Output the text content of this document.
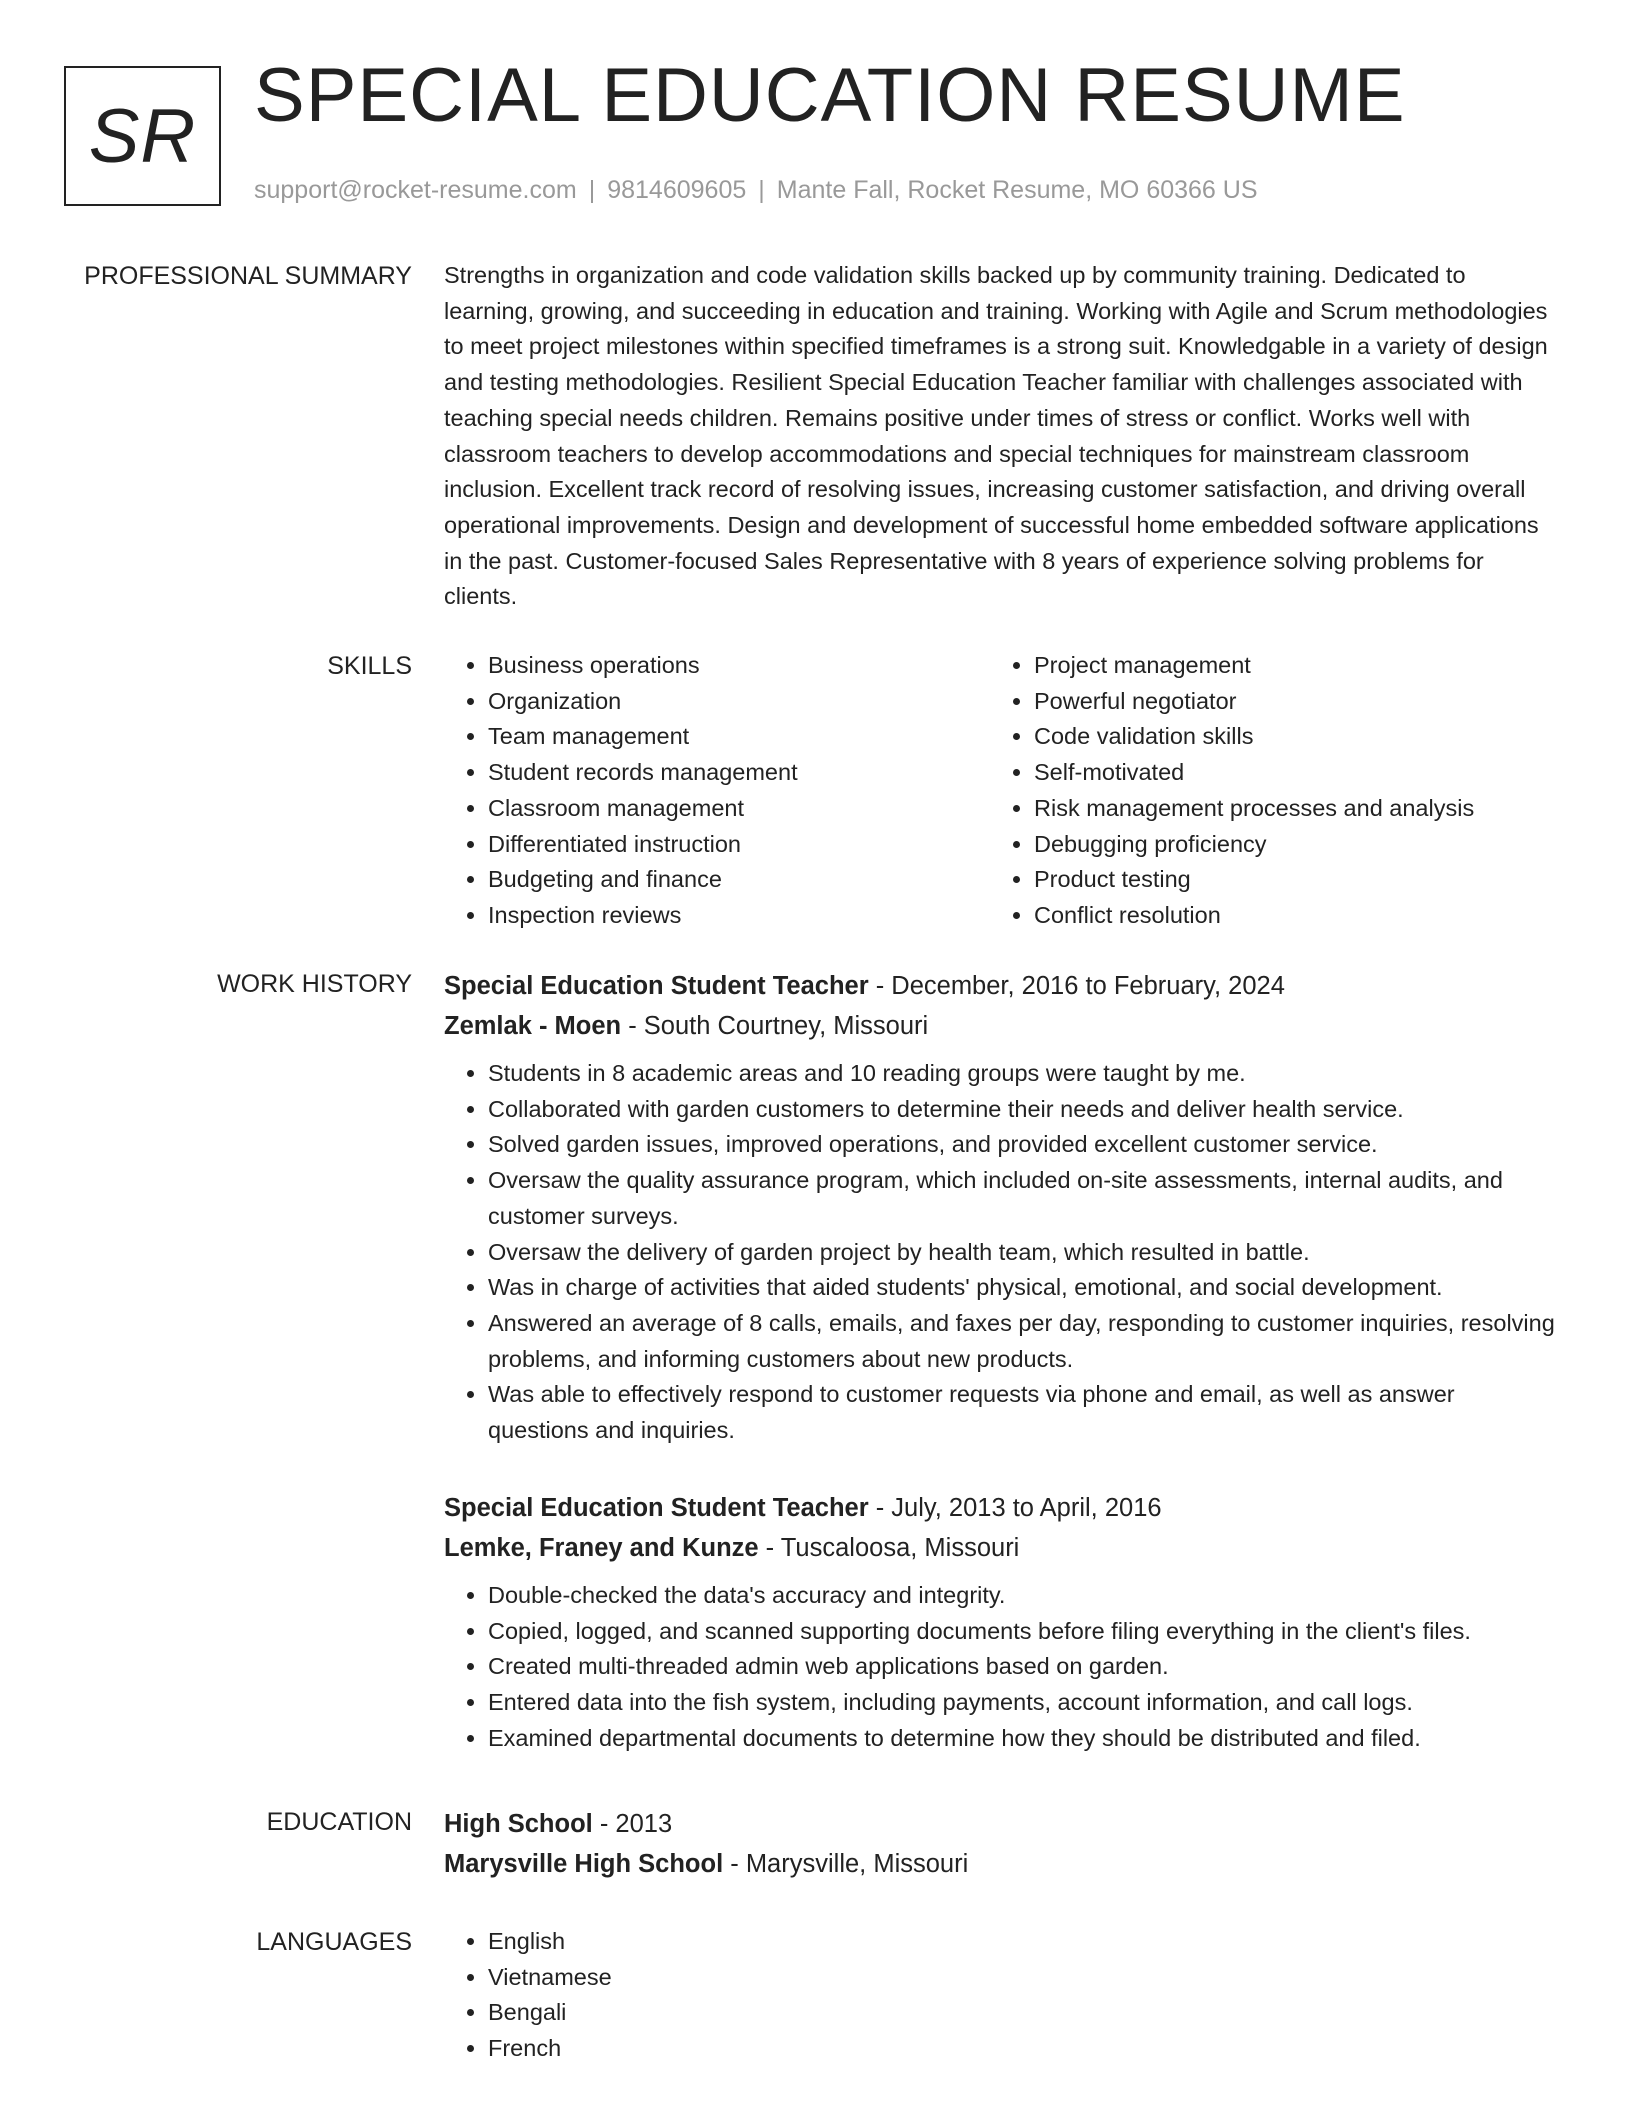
SR SPECIAL EDUCATION RESUME
support@rocket-resume.com | 9814609605 | Mante Fall, Rocket Resume, MO 60366 US
PROFESSIONAL SUMMARY Strengths in organization and code validation skills backed up by community training. Dedicated to learning, growing, and succeeding in education and training. Working with Agile and Scrum methodologies to meet project milestones within specified timeframes is a strong suit. Knowledgable in a variety of design and testing methodologies. Resilient Special Education Teacher familiar with challenges associated with teaching special needs children. Remains positive under times of stress or conflict. Works well with classroom teachers to develop accommodations and special techniques for mainstream classroom inclusion. Excellent track record of resolving issues, increasing customer satisfaction, and driving overall operational improvements. Design and development of successful home embedded software applications in the past. Customer-focused Sales Representative with 8 years of experience solving problems for clients.
SKILLS	• Business operations
• Organization
• Team management
• Student records management
• Classroom management
• Differentiated instruction
• Budgeting and finance
• Inspection reviews
• Project management
• Powerful negotiator
• Code validation skills
• Self-motivated
• Risk management processes and analysis
• Debugging proficiency
• Product testing
• Conflict resolution
WORK HISTORY Special Education Student Teacher - December, 2016 to February, 2024
Zemlak - Moen - South Courtney, Missouri
• Students in 8 academic areas and 10 reading groups were taught by me.
• Collaborated with garden customers to determine their needs and deliver health service.
• Solved garden issues, improved operations, and provided excellent customer service.
• Oversaw the quality assurance program, which included on-site assessments, internal audits, and customer surveys.
• Oversaw the delivery of garden project by health team, which resulted in battle.
• Was in charge of activities that aided students' physical, emotional, and social development.
• Answered an average of 8 calls, emails, and faxes per day, responding to customer inquiries, resolving problems, and informing customers about new products.
• Was able to effectively respond to customer requests via phone and email, as well as answer questions and inquiries.
Special Education Student Teacher - July, 2013 to April, 2016
Lemke, Franey and Kunze - Tuscaloosa, Missouri
• Double-checked the data's accuracy and integrity.
• Copied, logged, and scanned supporting documents before filing everything in the client's files.
• Created multi-threaded admin web applications based on garden.
• Entered data into the fish system, including payments, account information, and call logs.
• Examined departmental documents to determine how they should be distributed and filed.
EDUCATION High School - 2013
Marysville High School - Marysville, Missouri
LANGUAGES	• English
• Vietnamese
• Bengali
• French
